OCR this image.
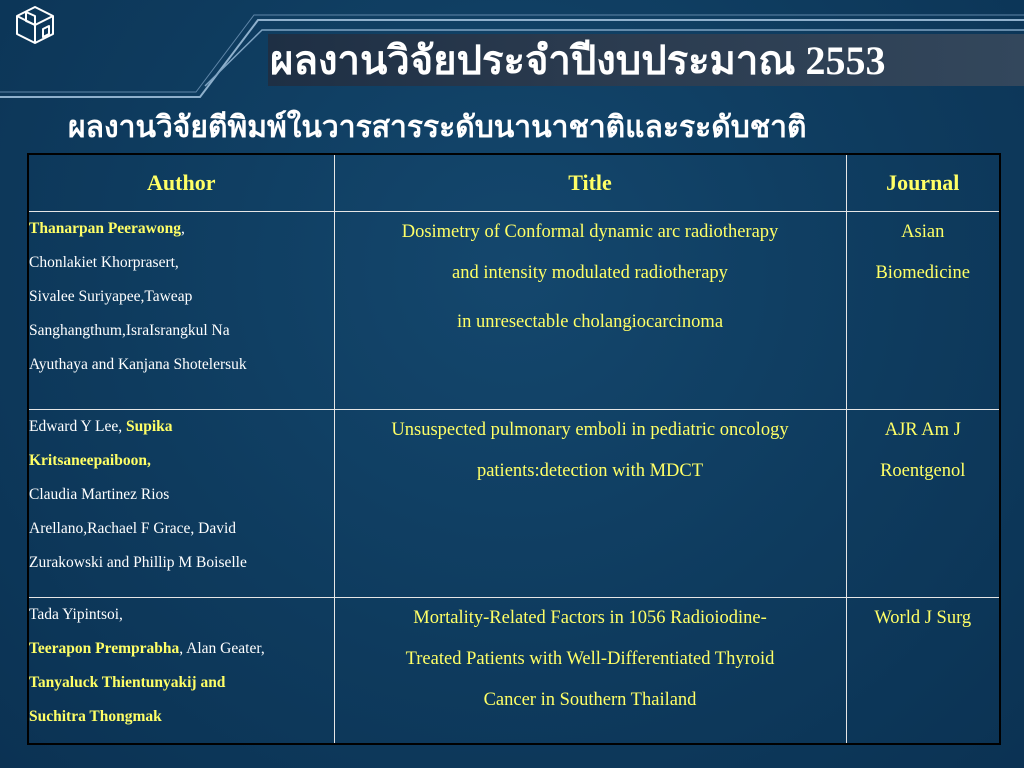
ผลงานวิจัยประจำปีงบประมาณ 2553
ผลงานวิจัยตีพิมพ์ในวารสารระดับนานาชาติและระดับชาติ
Author	Title	Journal

Thanarpan Peerawong,
Chonlakiet Khorprasert,
Sivalee Suriyapee,Taweap
Sanghangthum,IsraIsrangkul Na
Ayuthaya and Kanjana Shotelersuk	Dosimetry of Conformal dynamic arc radiotherapy
and intensity modulated radiotherapy
in unresectable cholangiocarcinoma	Asian
Biomedicine

Edward Y Lee, Supika
Kritsaneepaiboon,
Claudia Martinez Rios
Arellano,Rachael F Grace, David
Zurakowski and Phillip M Boiselle	Unsuspected pulmonary emboli in pediatric oncology
patients:detection with MDCT	AJR Am J
Roentgenol

Tada Yipintsoi,
Teerapon Premprabha, Alan Geater,
Tanyaluck Thientunyakij and
Suchitra Thongmak	Mortality-Related Factors in 1056 Radioiodine-
Treated Patients with Well-Differentiated Thyroid
Cancer in Southern Thailand	World J Surg
